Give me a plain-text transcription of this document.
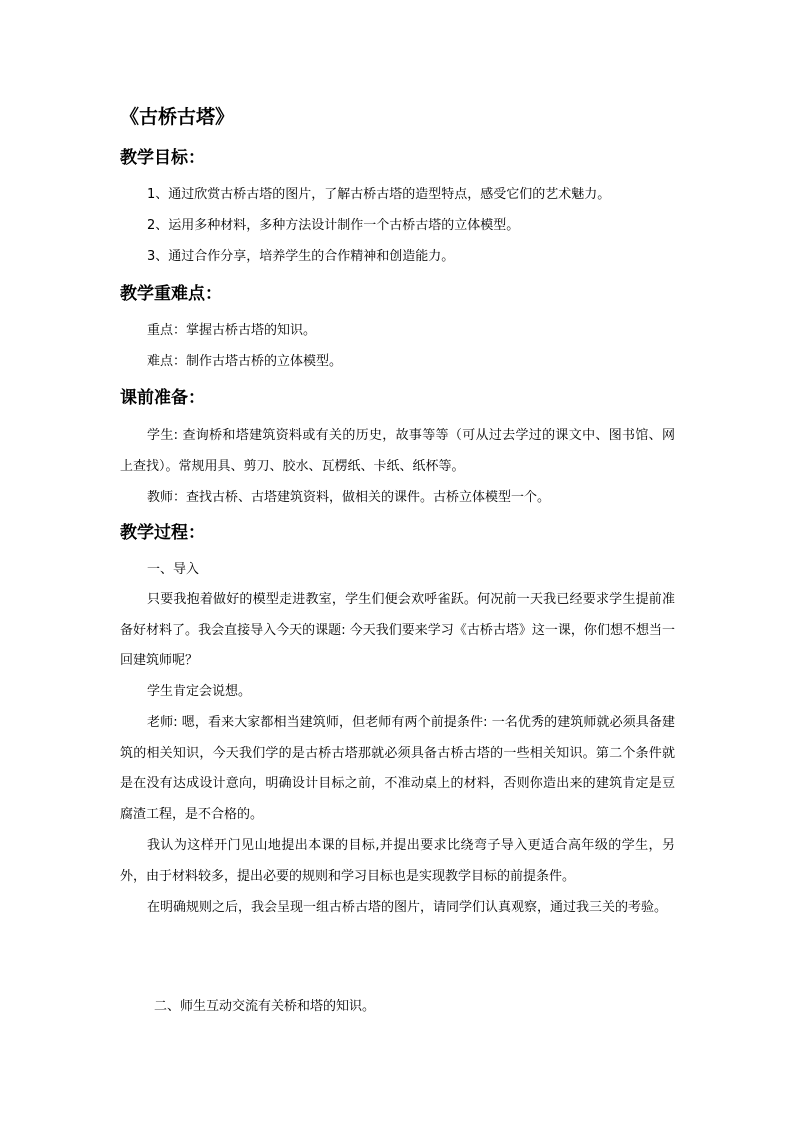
《古桥古塔》
教学目标：
1、通过欣赏古桥古塔的图片，了解古桥古塔的造型特点，感受它们的艺术魅力。
2、运用多种材料，多种方法设计制作一个古桥古塔的立体模型。
3、通过合作分享，培养学生的合作精神和创造能力。
教学重难点：
重点：掌握古桥古塔的知识。
难点：制作古塔古桥的立体模型。
课前准备：
学生: 查询桥和塔建筑资料或有关的历史，故事等等（可从过去学过的课文中、图书馆、网上查找）。常规用具、剪刀、胶水、瓦楞纸、卡纸、纸杯等。
教师：查找古桥、古塔建筑资料，做相关的课件。古桥立体模型一个。
教学过程：
一、导入
只要我抱着做好的模型走进教室，学生们便会欢呼雀跃。何况前一天我已经要求学生提前准备好材料了。我会直接导入今天的课题: 今天我们要来学习《古桥古塔》这一课，你们想不想当一回建筑师呢？
学生肯定会说想。
老师: 嗯，看来大家都相当建筑师，但老师有两个前提条件: 一名优秀的建筑师就必须具备建筑的相关知识，今天我们学的是古桥古塔那就必须具备古桥古塔的一些相关知识。第二个条件就是在没有达成设计意向，明确设计目标之前，不准动桌上的材料，否则你造出来的建筑肯定是豆腐渣工程，是不合格的。
我认为这样开门见山地提出本课的目标,并提出要求比绕弯子导入更适合高年级的学生，另外，由于材料较多，提出必要的规则和学习目标也是实现教学目标的前提条件。
在明确规则之后，我会呈现一组古桥古塔的图片，请同学们认真观察，通过我三关的考验。
二、师生互动交流有关桥和塔的知识。
